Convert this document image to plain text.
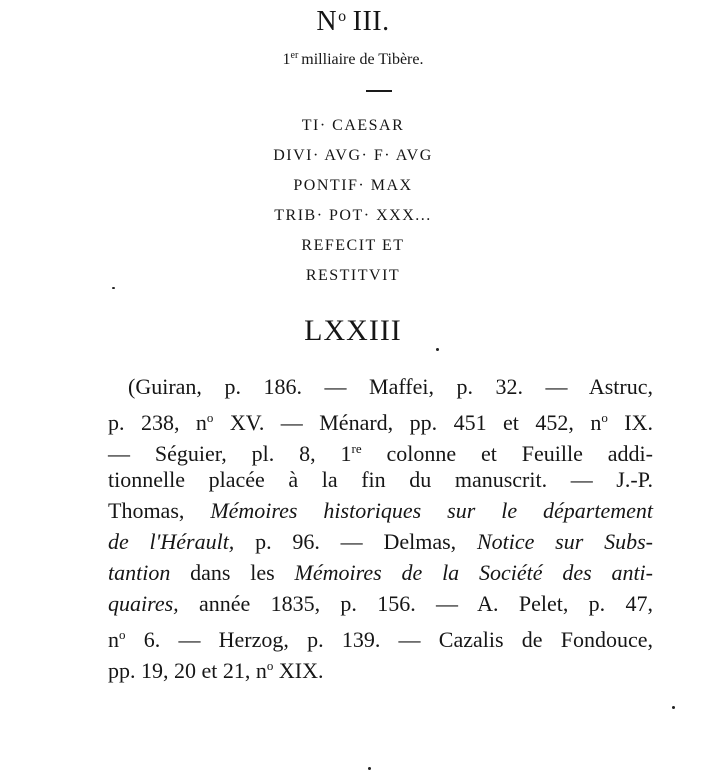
$N^o$ III.
1er milliaire de Tibère.
TI· CAESAR
DIVI· AVG· F· AVG
PONTIF· MAX
TRIB· POT· XXX...
REFECIT ET
RESTITVIT
LXXIII
(Guiran, p. 186. — Maffei, p. 32. — Astruc,
p. 238, $n^o$ XV. — Ménard, pp. 451 et 452, $n^o$ IX.
— Séguier, pl. 8, 1re colonne et Feuille addi-
tionnelle placée à la fin du manuscrit. — J.-P.
Thomas, Mémoires historiques sur le département
de l'Hérault, p. 96. — Delmas, Notice sur Subs-
tantion dans les Mémoires de la Société des anti-
quaires, année 1835, p. 156. — A. Pelet, p. 47,
$n^o$ 6. — Herzog, p. 139. — Cazalis de Fondouce,
pp. 19, 20 et 21, $n^o$ XIX.
